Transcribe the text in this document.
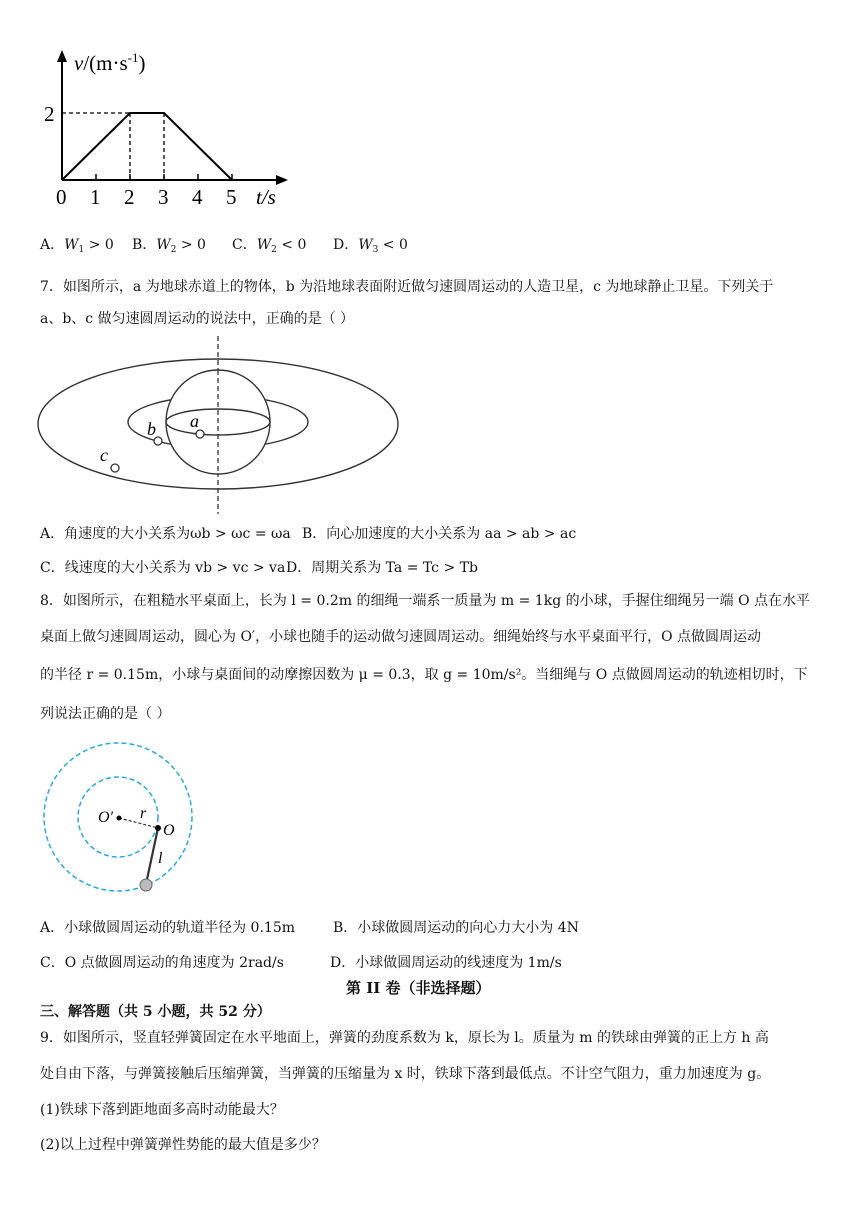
$v/(m\cdot s^{-1})$
2
0 1 2 3 4 5 t/s
A．$W_1 > 0$ B．$W_2 > 0$ C．$W_2 < 0$ D．$W_3 < 0$
7．如图所示，a 为地球赤道上的物体，b 为沿地球表面附近做匀速圆周运动的人造卫星，c 为地球静止卫星。下列关于
a、b、c 做匀速圆周运动的说法中，正确的是（ ）
a
b
c
A．角速度的大小关系为ωb > ωc = ωa B．向心加速度的大小关系为 aa > ab > ac
C．线速度的大小关系为 vb > vc > va D．周期关系为 Ta = Tc > Tb
8．如图所示，在粗糙水平桌面上，长为 l = 0.2m 的细绳一端系一质量为 m = 1kg 的小球，手握住细绳另一端 O 点在水平
桌面上做匀速圆周运动，圆心为 O′，小球也随手的运动做匀速圆周运动。细绳始终与水平桌面平行，O 点做圆周运动
的半径 r = 0.15m，小球与桌面间的动摩擦因数为 μ = 0.3，取 g = 10m/s²。当细绳与 O 点做圆周运动的轨迹相切时，下
列说法正确的是（ ）
O′ r
O
l
A．小球做圆周运动的轨道半径为 0.15m	B．小球做圆周运动的向心力大小为 4N
C．O 点做圆周运动的角速度为 2rad/s	D．小球做圆周运动的线速度为 1m/s
第 II 卷（非选择题）
三、解答题（共 5 小题，共 52 分）
9．如图所示，竖直轻弹簧固定在水平地面上，弹簧的劲度系数为 k，原长为 l。质量为 m 的铁球由弹簧的正上方 h 高
处自由下落，与弹簧接触后压缩弹簧，当弹簧的压缩量为 x 时，铁球下落到最低点。不计空气阻力，重力加速度为 g。
(1)铁球下落到距地面多高时动能最大？
(2)以上过程中弹簧弹性势能的最大值是多少？
